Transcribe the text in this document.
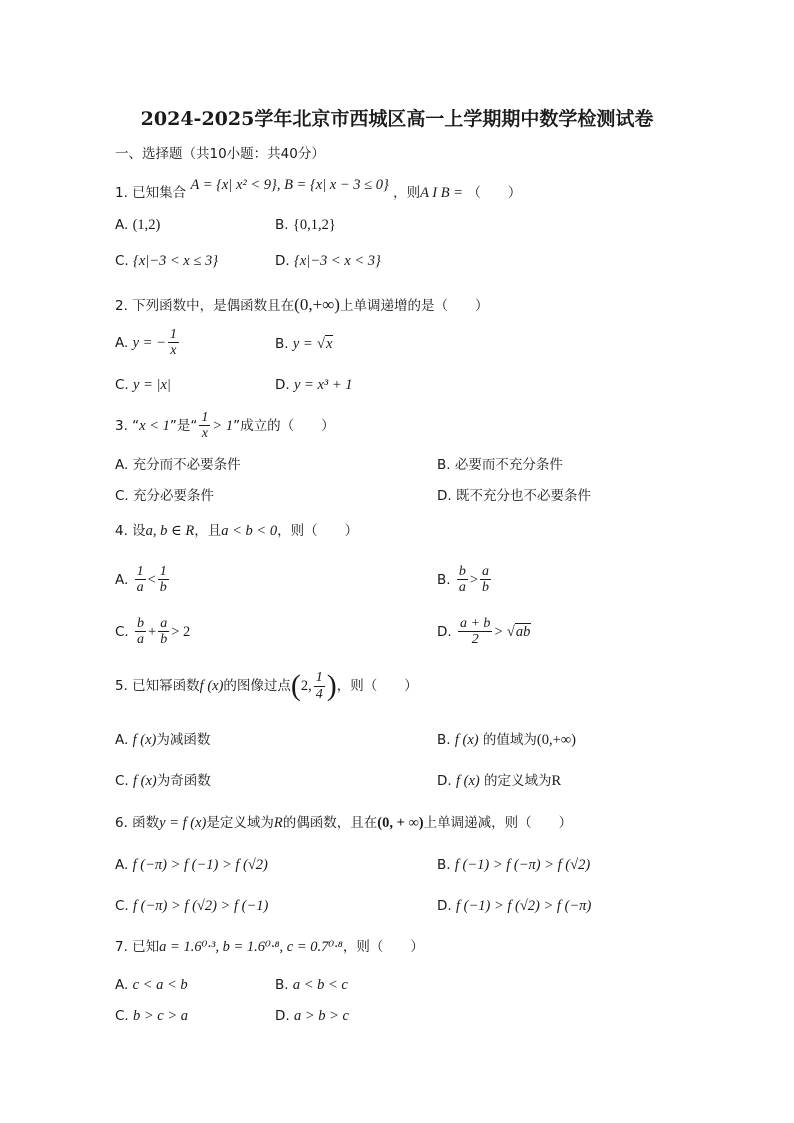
2024-2025学年北京市西城区高一上学期期中数学检测试卷
一、选择题（共10小题：共40分）
1. 已知集合 A = {x| x² < 9}, B = {x| x − 3 ≤ 0} ，则A I B = （　　）
A. (1,2)	B. {0,1,2}
C. {x|−3 < x ≤ 3}	D. {x|−3 < x < 3}
2. 下列函数中，是偶函数且在(0,+∞)上单调递增的是（　　）
A. y = − $\frac{1}{x}$	B. y = √x
C. y = |x|	D. y = x³ + 1
3. “x < 1”是“ $\frac{1}{x} > 1$”成立的（　　）
A. 充分而不必要条件	B. 必要而不充分条件
C. 充分必要条件	D. 既不充分也不必要条件
4. 设a, b ∈ R，且a < b < 0，则（　　）
A. $\frac{1}{a} < \frac{1}{b}$	B. $\frac{b}{a} > \frac{a}{b}$
C. $\frac{b}{a} + \frac{a}{b} > 2$	D. $\frac{a + b}{2} > √ab$
5. 已知幂函数f (x)的图像过点(2, $\frac{1}{4}$ )，则（　　）
A. f (x)为减函数	B. f (x) 的值域为(0,+∞)
C. f (x)为奇函数	D. f (x) 的定义域为R
6. 函数y = f (x)是定义域为R的偶函数，且在(0, + ∞)上单调递减，则（　　）
A. f (−π) > f (−1) > f (√2)	B. f (−1) > f (−π) > f (√2)
C. f (−π) > f (√2) > f (−1)	D. f (−1) > f (√2) > f (−π)
7. 已知a = 1.6⁰·³, b = 1.6⁰·⁸, c = 0.7⁰·⁸，则（　　）
A. c < a < b	B. a < b < c
C. b > c > a	D. a > b > c
